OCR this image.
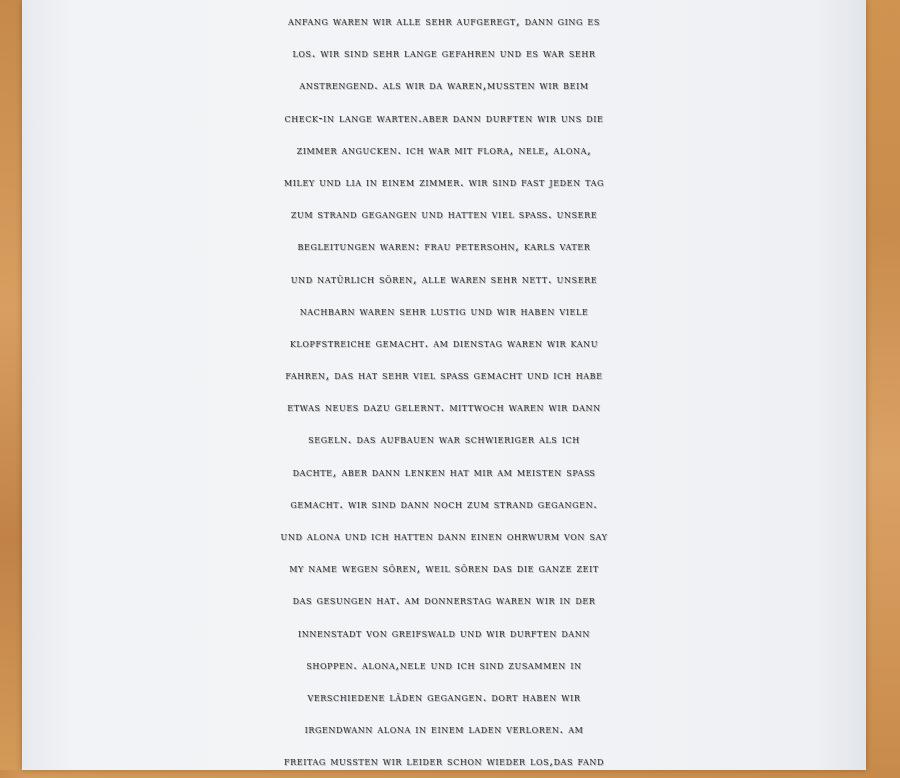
anfang waren wir alle sehr aufgeregt, dann ging es
los. wir sind sehr lange gefahren und es war sehr
anstrengend. als wir da waren,mussten wir beim
check-in lange warten.aber dann durften wir uns die
zimmer angucken. ich war mit flora, nele, alona,
miley und lia in einem zimmer. wir sind fast jeden tag
zum strand gegangen und hatten viel spaß. unsere
begleitungen waren: frau petersohn, karls vater
und natürlich sören, alle waren sehr nett. unsere
nachbarn waren sehr lustig und wir haben viele
klopfstreiche gemacht. am dienstag waren wir kanu
fahren, das hat sehr viel spaß gemacht und ich habe
etwas neues dazu gelernt. mittwoch waren wir dann
segeln. das aufbauen war schwieriger als ich
dachte, aber dann lenken hat mir am meisten spaß
gemacht. wir sind dann noch zum strand gegangen.
und alona und ich hatten dann einen ohrwurm von say
my name wegen sören, weil sören das die ganze zeit
das gesungen hat. am donnerstag waren wir in der
innenstadt von greifswald und wir durften dann
shoppen. alona,nele und ich sind zusammen in
verschiedene läden gegangen. dort haben wir
irgendwann alona in einem laden verloren. am
freitag mussten wir leider schon wieder los,das fand
